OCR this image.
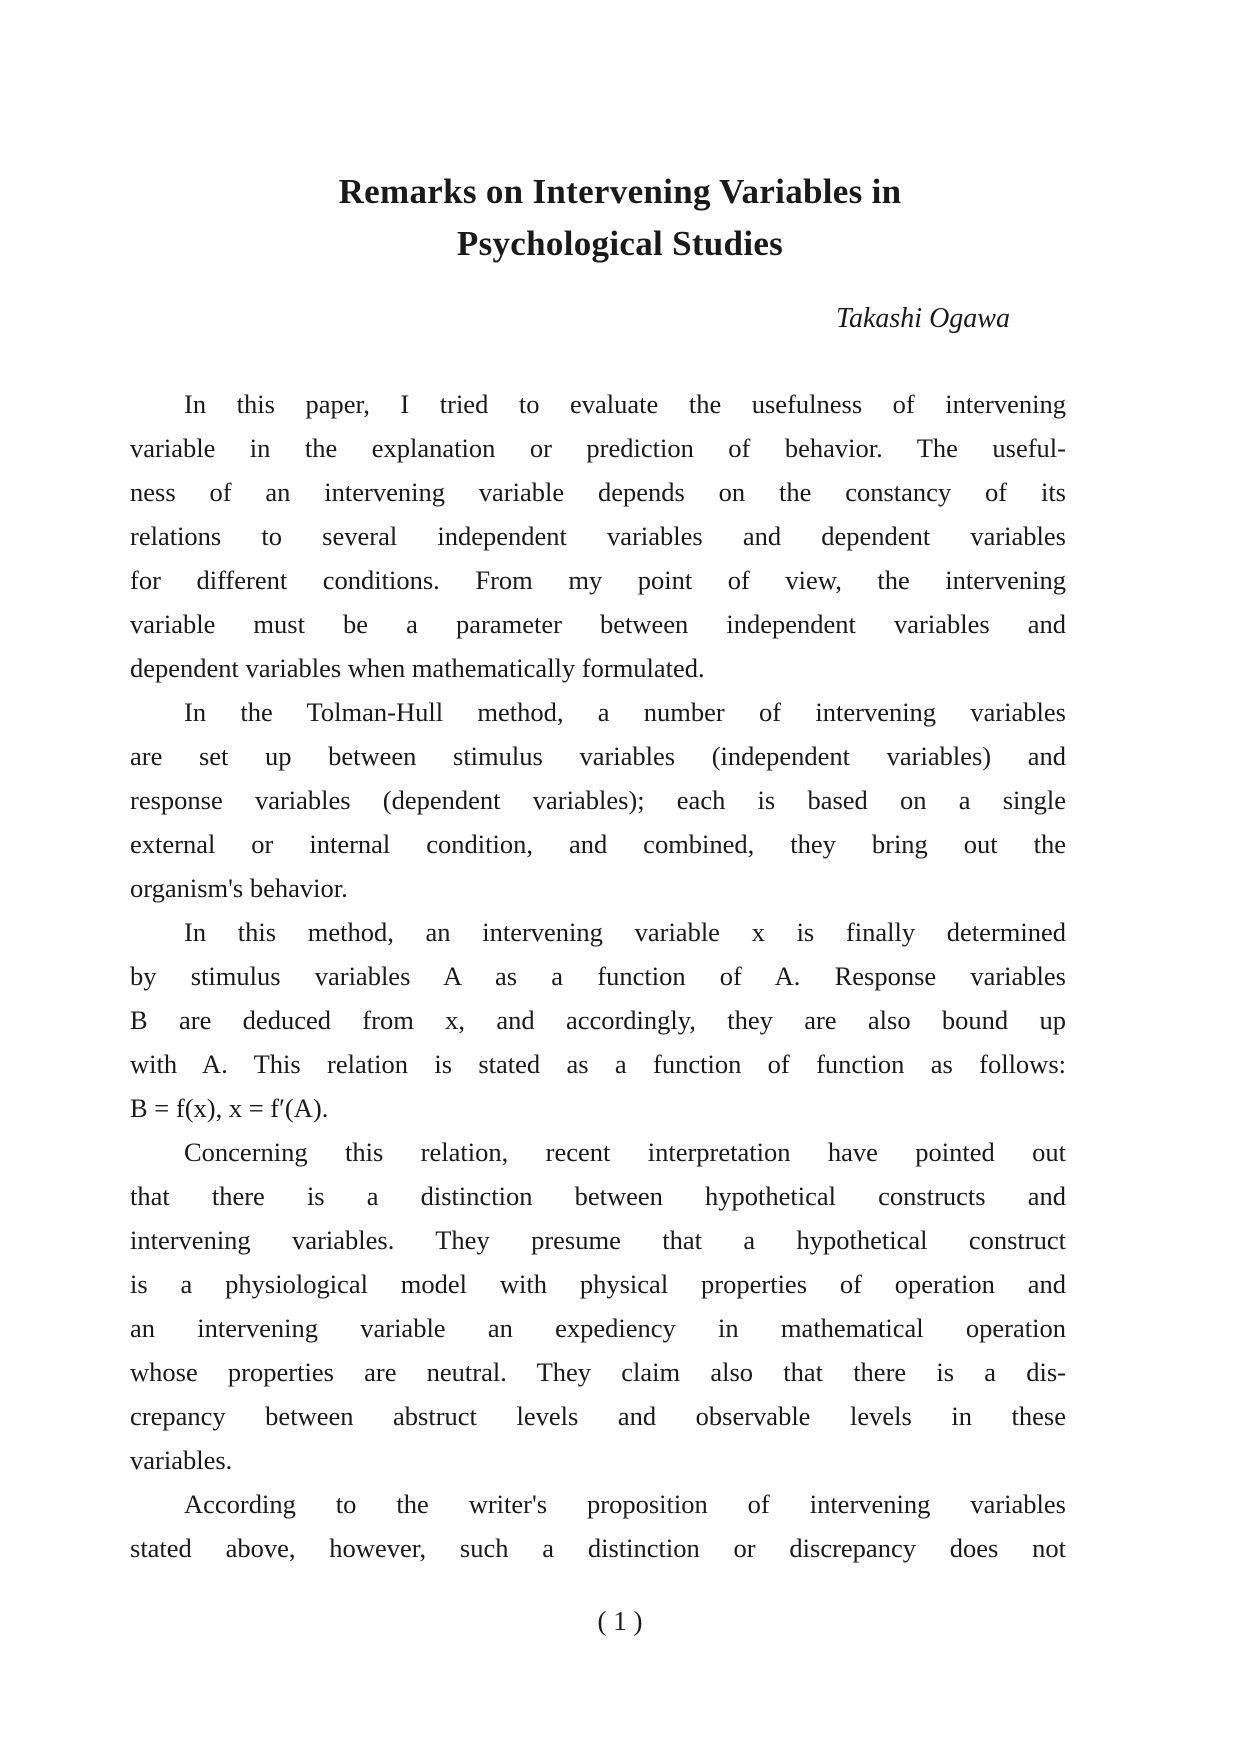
Remarks on Intervening Variables in
Psychological Studies
Takashi Ogawa
In this paper, I tried to evaluate the usefulness of intervening
variable in the explanation or prediction of behavior. The useful-
ness of an intervening variable depends on the constancy of its
relations to several independent variables and dependent variables
for different conditions. From my point of view, the intervening
variable must be a parameter between independent variables and
dependent variables when mathematically formulated.
In the Tolman-Hull method, a number of intervening variables
are set up between stimulus variables (independent variables) and
response variables (dependent variables); each is based on a single
external or internal condition, and combined, they bring out the
organism's behavior.
In this method, an intervening variable x is finally determined
by stimulus variables A as a function of A. Response variables
B are deduced from x, and accordingly, they are also bound up
with A. This relation is stated as a function of function as follows:
B = f(x), x = f′(A).
Concerning this relation, recent interpretation have pointed out
that there is a distinction between hypothetical constructs and
intervening variables. They presume that a hypothetical construct
is a physiological model with physical properties of operation and
an intervening variable an expediency in mathematical operation
whose properties are neutral. They claim also that there is a dis-
crepancy between abstruct levels and observable levels in these
variables.
According to the writer's proposition of intervening variables
stated above, however, such a distinction or discrepancy does not
( 1 )
